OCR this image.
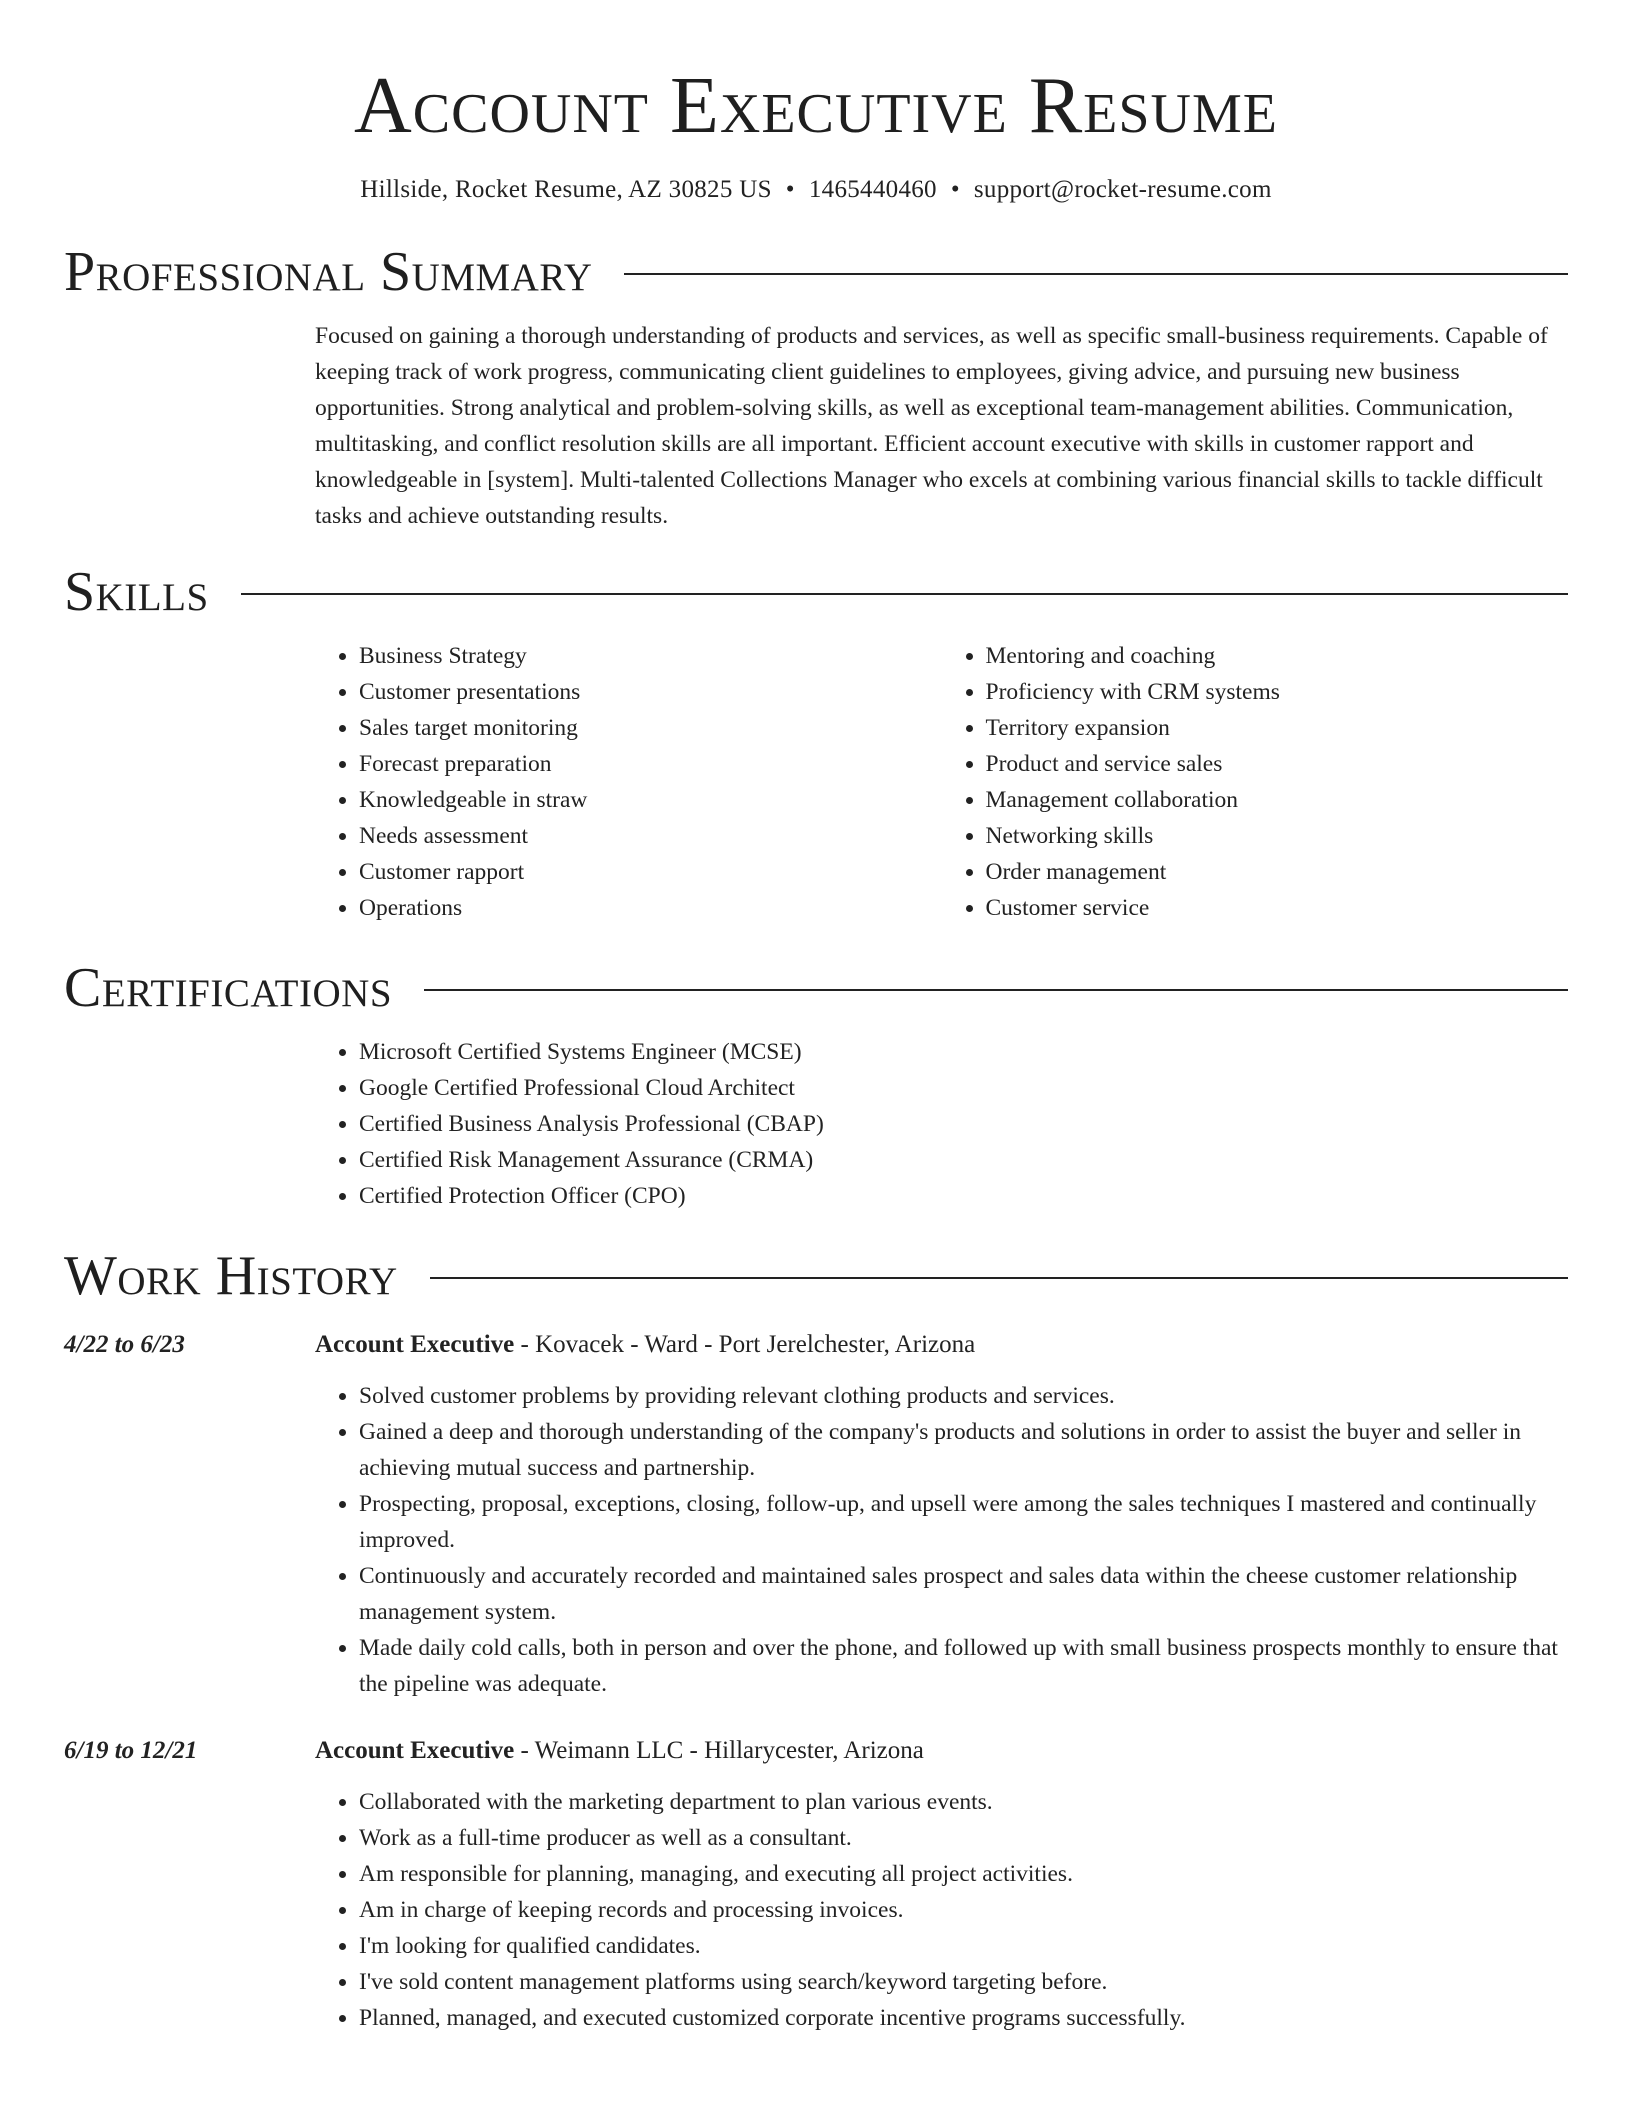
Account Executive Resume
Hillside, Rocket Resume, AZ 30825 US • 1465440460 • support@rocket-resume.com
Professional Summary

Focused on gaining a thorough understanding of products and services, as well as specific small-business requirements. Capable of keeping track of work progress, communicating client guidelines to employees, giving advice, and pursuing new business opportunities. Strong analytical and problem-solving skills, as well as exceptional team-management abilities. Communication, multitasking, and conflict resolution skills are all important. Efficient account executive with skills in customer rapport and knowledgeable in [system]. Multi-talented Collections Manager who excels at combining various financial skills to tackle difficult tasks and achieve outstanding results.

Skills
• Business Strategy
• Customer presentations
• Sales target monitoring
• Forecast preparation
• Knowledgeable in straw
• Needs assessment
• Customer rapport
• Operations
• Mentoring and coaching
• Proficiency with CRM systems
• Territory expansion
• Product and service sales
• Management collaboration
• Networking skills
• Order management
• Customer service
Certifications
• Microsoft Certified Systems Engineer (MCSE)
• Google Certified Professional Cloud Architect
• Certified Business Analysis Professional (CBAP)
• Certified Risk Management Assurance (CRMA)
• Certified Protection Officer (CPO)
Work History
4/22 to 6/23	Account Executive - Kovacek - Ward - Port Jerelchester, Arizona
• Solved customer problems by providing relevant clothing products and services.
• Gained a deep and thorough understanding of the company's products and solutions in order to assist the buyer and seller in achieving mutual success and partnership.
• Prospecting, proposal, exceptions, closing, follow-up, and upsell were among the sales techniques I mastered and continually improved.
• Continuously and accurately recorded and maintained sales prospect and sales data within the cheese customer relationship management system.
• Made daily cold calls, both in person and over the phone, and followed up with small business prospects monthly to ensure that the pipeline was adequate.
6/19 to 12/21	Account Executive - Weimann LLC - Hillarycester, Arizona
• Collaborated with the marketing department to plan various events.
• Work as a full-time producer as well as a consultant.
• Am responsible for planning, managing, and executing all project activities.
• Am in charge of keeping records and processing invoices.
• I'm looking for qualified candidates.
• I've sold content management platforms using search/keyword targeting before.
• Planned, managed, and executed customized corporate incentive programs successfully.
